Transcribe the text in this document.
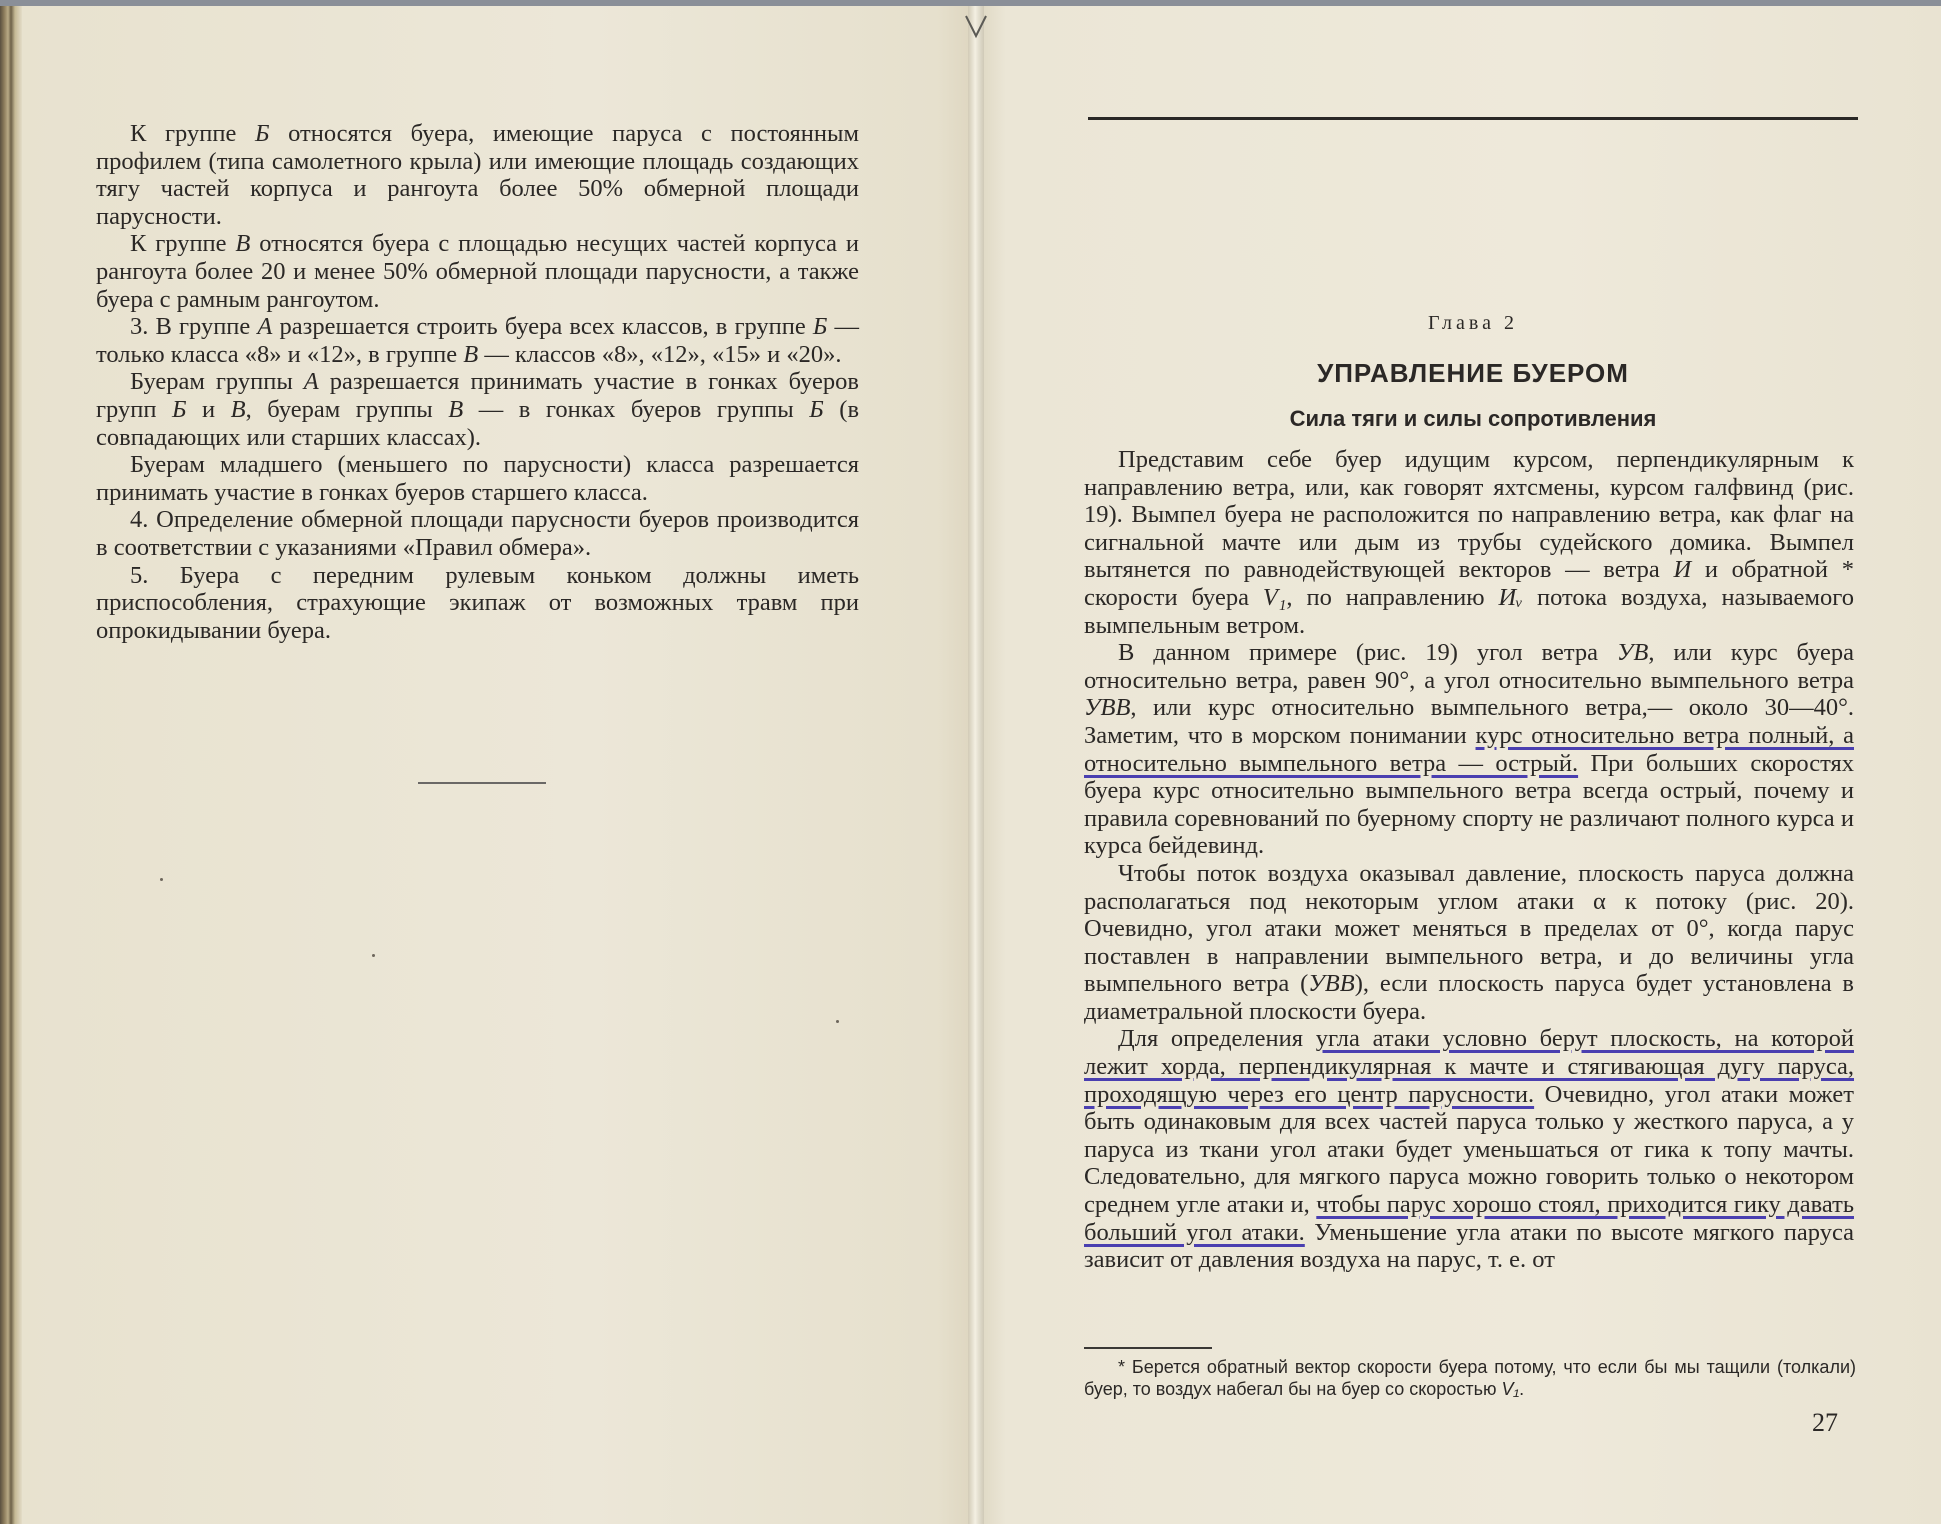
К группе Б относятся буера, имеющие паруса с постоянным профилем (типа самолетного крыла) или имеющие площадь создающих тягу частей корпуса и рангоута более 50% обмерной площади парусности.

К группе В относятся буера с площадью несущих частей корпуса и рангоута более 20 и менее 50% обмерной площади парусности, а также буера с рамным рангоутом.

3. В группе А разрешается строить буера всех классов, в группе Б — только класса «8» и «12», в группе В — классов «8», «12», «15» и «20».

Буерам группы А разрешается принимать участие в гонках буеров групп Б и В, буерам группы В — в гонках буеров группы Б (в совпадающих или старших классах).

Буерам младшего (меньшего по парусности) класса разрешается принимать участие в гонках буеров старшего класса.

4. Определение обмерной площади парусности буеров производится в соответствии с указаниями «Правил обмера».

5. Буера с передним рулевым коньком должны иметь приспособления, страхующие экипаж от возможных травм при опрокидывании буера.

Глава 2
УПРАВЛЕНИЕ БУЕРОМ
Сила тяги и силы сопротивления

Представим себе буер идущим курсом, перпендикулярным к направлению ветра, или, как говорят яхтсмены, курсом галфвинд (рис. 19). Вымпел буера не расположится по направлению ветра, как флаг на сигнальной мачте или дым из трубы судейского домика. Вымпел вытянется по равнодействующей векторов — ветра И и обратной * скорости буера V₁, по направлению Иᵥ потока воздуха, называемого вымпельным ветром.

В данном примере (рис. 19) угол ветра УВ, или курс буера относительно ветра, равен 90°, а угол относительно вымпельного ветра УВВ, или курс относительно вымпельного ветра,— около 30—40°. Заметим, что в морском понимании курс относительно ветра полный, а относительно вымпельного ветра — острый. При больших скоростях буера курс относительно вымпельного ветра всегда острый, почему и правила соревнований по буерному спорту не различают полного курса и курса бейдевинд.

Чтобы поток воздуха оказывал давление, плоскость паруса должна располагаться под некоторым углом атаки α к потоку (рис. 20). Очевидно, угол атаки может меняться в пределах от 0°, когда парус поставлен в направлении вымпельного ветра, и до величины угла вымпельного ветра (УВВ), если плоскость паруса будет установлена в диаметральной плоскости буера.

Для определения угла атаки условно берут плоскость, на которой лежит хорда, перпендикулярная к мачте и стягивающая дугу паруса, проходящую через его центр парусности. Очевидно, угол атаки может быть одинаковым для всех частей паруса только у жесткого паруса, а у паруса из ткани угол атаки будет уменьшаться от гика к топу мачты. Следовательно, для мягкого паруса можно говорить только о некотором среднем угле атаки и, чтобы парус хорошо стоял, приходится гику давать больший угол атаки. Уменьшение угла атаки по высоте мягкого паруса зависит от давления воздуха на парус, т. е. от

* Берется обратный вектор скорости буера потому, что если бы мы тащили (толкали) буер, то воздух набегал бы на буер со скоростью V₁.

27
